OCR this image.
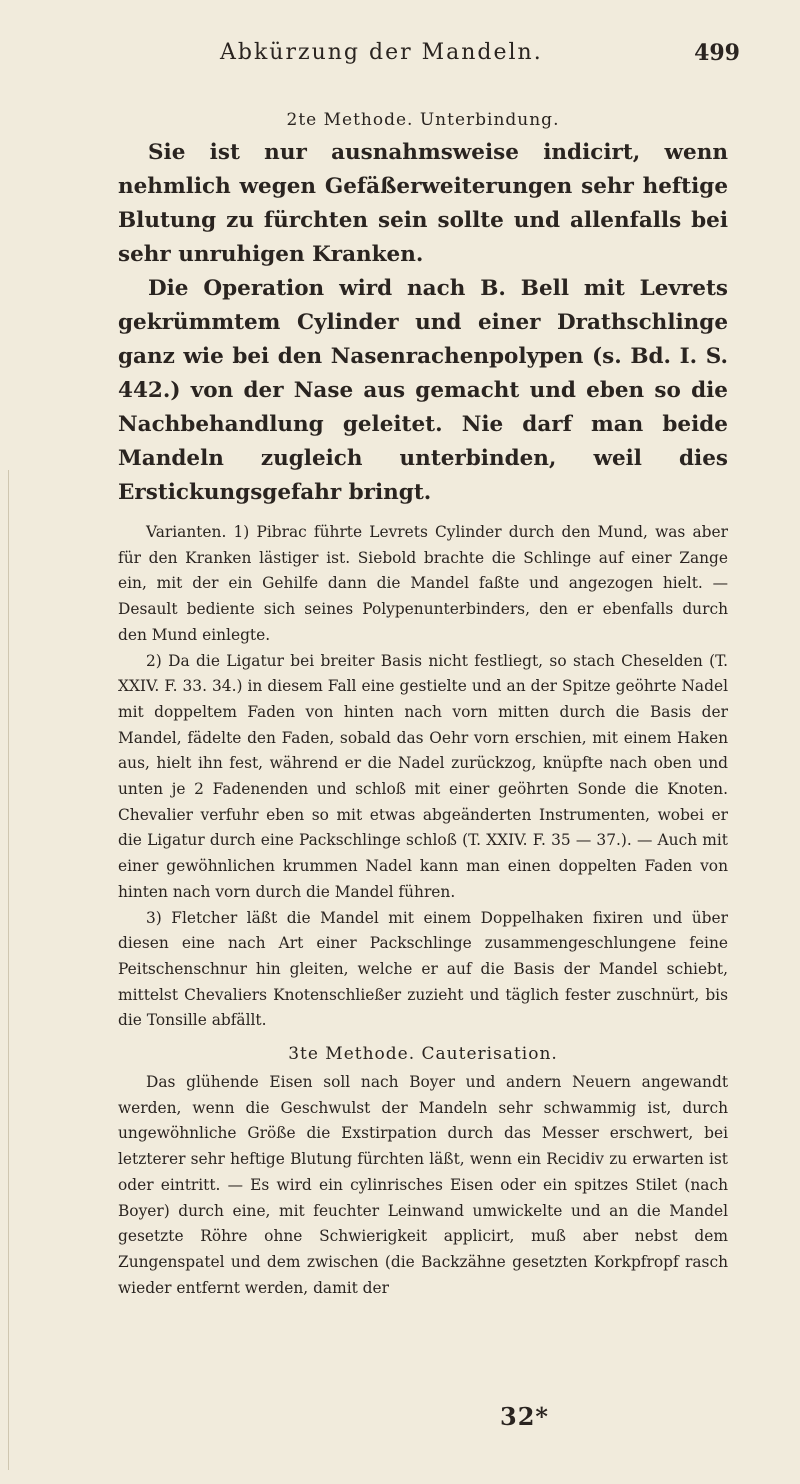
Abkürzung der Mandeln.	499
2te Methode. Unterbindung.

Sie ist nur ausnahmsweise indicirt, wenn nehmlich wegen Gefäßerweiterungen sehr heftige Blutung zu fürchten sein sollte und allenfalls bei sehr unruhigen Kranken.

Die Operation wird nach B. Bell mit Levrets gekrümmtem Cylinder und einer Drathschlinge ganz wie bei den Nasenrachenpolypen (s. Bd. I. S. 442.) von der Nase aus gemacht und eben so die Nachbehandlung geleitet. Nie darf man beide Mandeln zugleich unterbinden, weil dies Erstickungsgefahr bringt.

Varianten. 1) Pibrac führte Levrets Cylinder durch den Mund, was aber für den Kranken lästiger ist. Siebold brachte die Schlinge auf einer Zange ein, mit der ein Gehilfe dann die Mandel faßte und angezogen hielt. — Desault bediente sich seines Polypenunterbinders, den er ebenfalls durch den Mund einlegte.

2) Da die Ligatur bei breiter Basis nicht festliegt, so stach Cheselden (T. XXIV. F. 33. 34.) in diesem Fall eine gestielte und an der Spitze geöhrte Nadel mit doppeltem Faden von hinten nach vorn mitten durch die Basis der Mandel, fädelte den Faden, sobald das Oehr vorn erschien, mit einem Haken aus, hielt ihn fest, während er die Nadel zurückzog, knüpfte nach oben und unten je 2 Fadenenden und schloß mit einer geöhrten Sonde die Knoten. Chevalier verfuhr eben so mit etwas abgeänderten Instrumenten, wobei er die Ligatur durch eine Packschlinge schloß (T. XXIV. F. 35 — 37.). — Auch mit einer gewöhnlichen krummen Nadel kann man einen doppelten Faden von hinten nach vorn durch die Mandel führen.

3) Fletcher läßt die Mandel mit einem Doppelhaken fixiren und über diesen eine nach Art einer Packschlinge zusammengeschlungene feine Peitschenschnur hin gleiten, welche er auf die Basis der Mandel schiebt, mittelst Chevaliers Knotenschließer zuzieht und täglich fester zuschnürt, bis die Tonsille abfällt.

3te Methode. Cauterisation.

Das glühende Eisen soll nach Boyer und andern Neuern angewandt werden, wenn die Geschwulst der Mandeln sehr schwammig ist, durch ungewöhnliche Größe die Exstirpation durch das Messer erschwert, bei letzterer sehr heftige Blutung fürchten läßt, wenn ein Recidiv zu erwarten ist oder eintritt. — Es wird ein cylinrisches Eisen oder ein spitzes Stilet (nach Boyer) durch eine, mit feuchter Leinwand umwickelte und an die Mandel gesetzte Röhre ohne Schwierigkeit applicirt, muß aber nebst dem Zungenspatel und dem zwischen (die Backzähne gesetzten Korkpfropf rasch wieder entfernt werden, damit der

32*
